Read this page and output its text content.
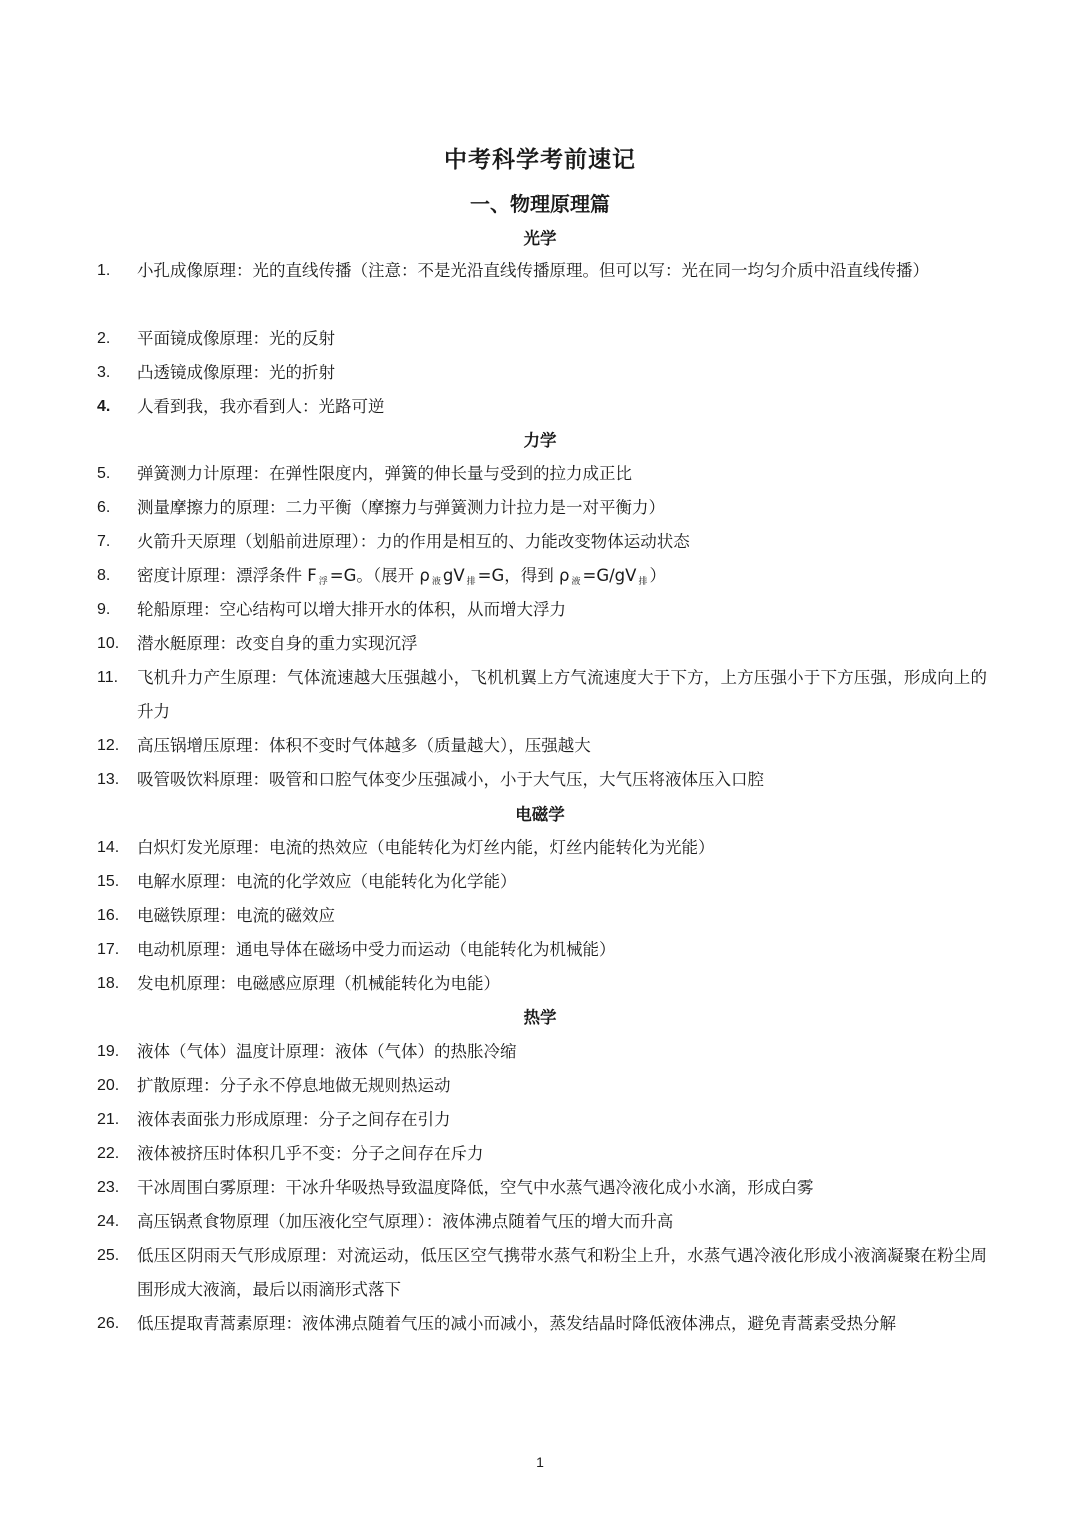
中考科学考前速记
一、物理原理篇
光学
1.	小孔成像原理：光的直线传播（注意：不是光沿直线传播原理。但可以写：光在同一均匀介质中沿直线传播）
2.	平面镜成像原理：光的反射
3.	凸透镜成像原理：光的折射
4.	人看到我，我亦看到人：光路可逆
力学
5.	弹簧测力计原理：在弹性限度内，弹簧的伸长量与受到的拉力成正比
6.	测量摩擦力的原理：二力平衡（摩擦力与弹簧测力计拉力是一对平衡力）
7.	火箭升天原理（划船前进原理）：力的作用是相互的、力能改变物体运动状态
8.	密度计原理：漂浮条件 F $_浮$ =G。（展开 ρ $_液$ gV $_排$ =G，得到 ρ $_液$ =G/gV $_排$ ）
9.	轮船原理：空心结构可以增大排开水的体积，从而增大浮力
10.	潜水艇原理：改变自身的重力实现沉浮
11.	飞机升力产生原理：气体流速越大压强越小，飞机机翼上方气流速度大于下方，上方压强小于下方压强，形成向上的升力
12.	高压锅增压原理：体积不变时气体越多（质量越大），压强越大
13.	吸管吸饮料原理：吸管和口腔气体变少压强减小，小于大气压，大气压将液体压入口腔
电磁学
14.	白炽灯发光原理：电流的热效应（电能转化为灯丝内能，灯丝内能转化为光能）
15.	电解水原理：电流的化学效应（电能转化为化学能）
16.	电磁铁原理：电流的磁效应
17.	电动机原理：通电导体在磁场中受力而运动（电能转化为机械能）
18.	发电机原理：电磁感应原理（机械能转化为电能）
热学
19.	液体（气体）温度计原理：液体（气体）的热胀冷缩
20.	扩散原理：分子永不停息地做无规则热运动
21.	液体表面张力形成原理：分子之间存在引力
22.	液体被挤压时体积几乎不变：分子之间存在斥力
23.	干冰周围白雾原理：干冰升华吸热导致温度降低，空气中水蒸气遇冷液化成小水滴，形成白雾
24.	高压锅煮食物原理（加压液化空气原理）：液体沸点随着气压的增大而升高
25.	低压区阴雨天气形成原理：对流运动，低压区空气携带水蒸气和粉尘上升，水蒸气遇冷液化形成小液滴凝聚在粉尘周围形成大液滴，最后以雨滴形式落下
26.	低压提取青蒿素原理：液体沸点随着气压的减小而减小，蒸发结晶时降低液体沸点，避免青蒿素受热分解
1
